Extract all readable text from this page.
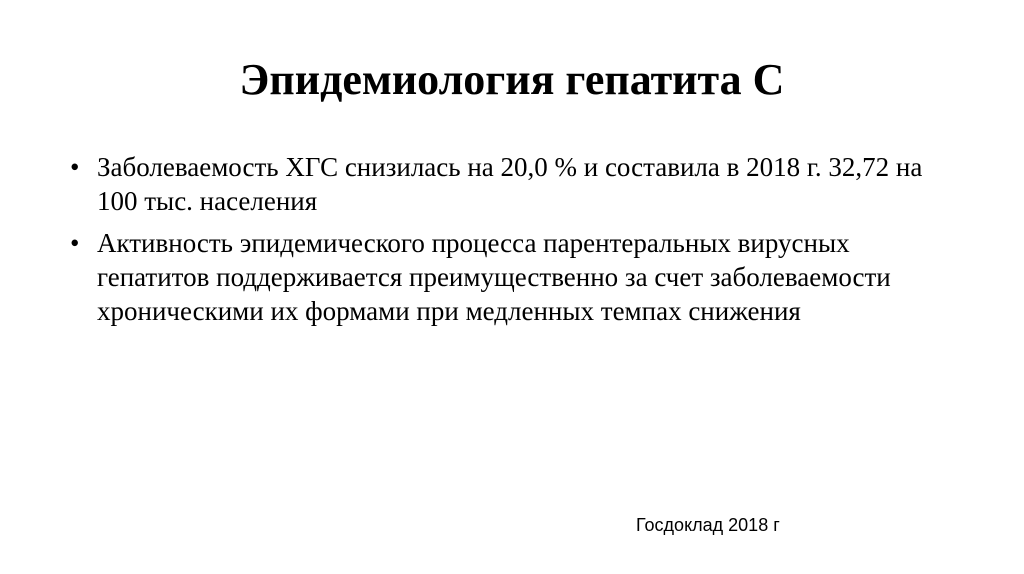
Эпидемиология гепатита С
• Заболеваемость ХГС снизилась на 20,0 % и составила в 2018 г. 32,72 на 100 тыс. населения
• Активность эпидемического процесса парентеральных вирусных гепатитов поддерживается преимущественно за счет заболеваемости хроническими их формами при медленных темпах снижения
Госдоклад 2018 г
